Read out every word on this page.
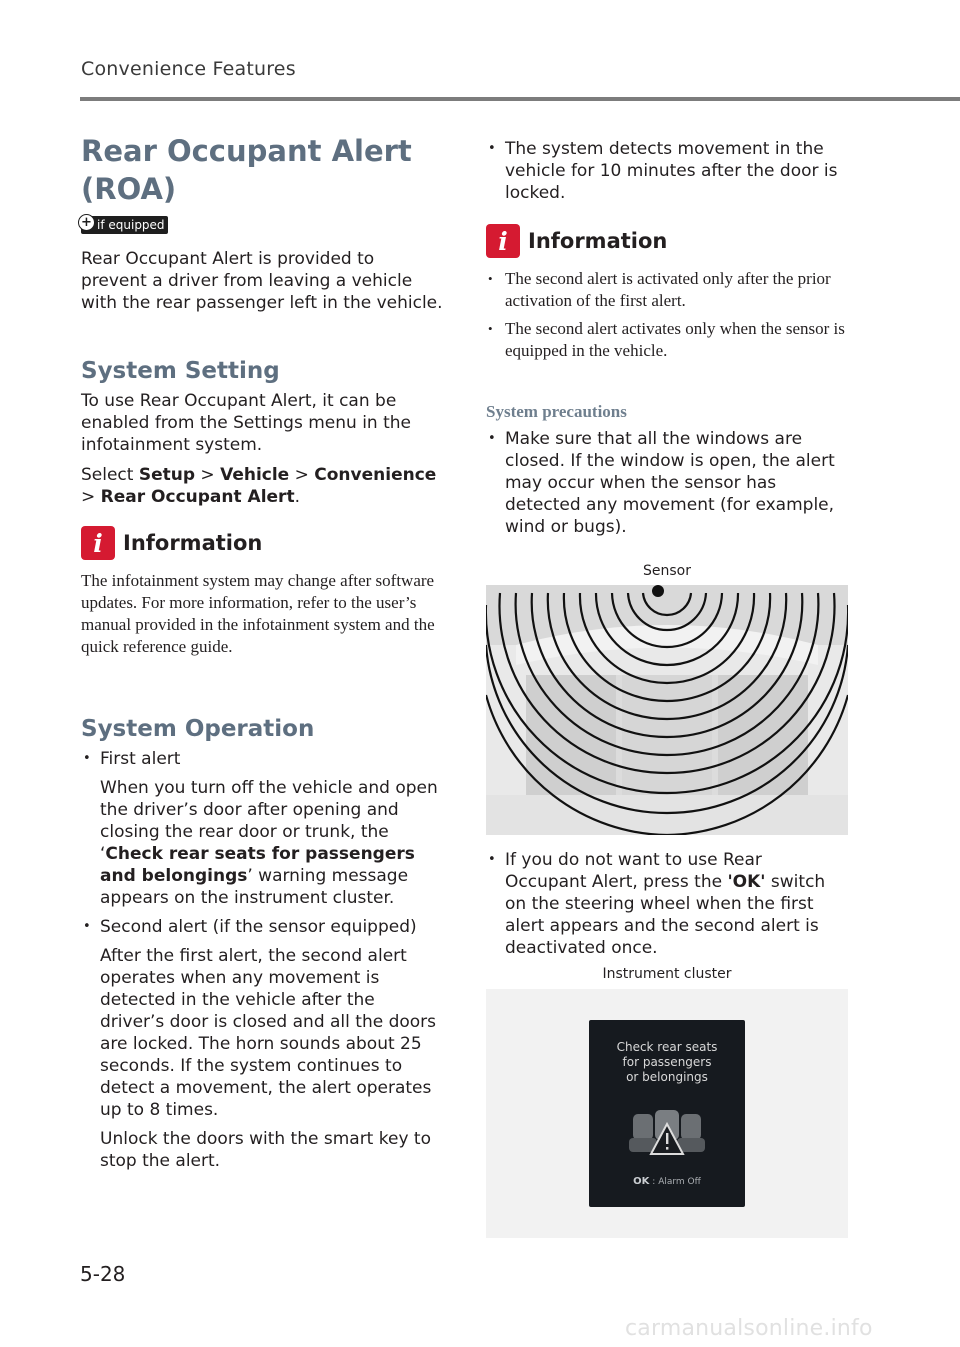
Convenience Features
Rear Occupant Alert
(ROA)
+ if equipped

Rear Occupant Alert is provided to prevent a driver from leaving a vehicle with the rear passenger left in the vehicle.

System Setting

To use Rear Occupant Alert, it can be enabled from the Settings menu in the infotainment system.

Select Setup > Vehicle > Convenience > Rear Occupant Alert.

i Information

The infotainment system may change after software updates. For more information, refer to the user’s manual provided in the infotainment system and the quick reference guide.

System Operation
• First alert
When you turn off the vehicle and open the driver’s door after opening and closing the rear door or trunk, the ‘Check rear seats for passengers and belongings’ warning message appears on the instrument cluster.
• Second alert (if the sensor equipped)
After the first alert, the second alert operates when any movement is detected in the vehicle after the driver’s door is closed and all the doors are locked. The horn sounds about 25 seconds. If the system continues to detect a movement, the alert operates up to 8 times.
Unlock the doors with the smart key to stop the alert.
• The system detects movement in the vehicle for 10 minutes after the door is locked.
i Information
• The second alert is activated only after the prior activation of the first alert.
• The second alert activates only when the sensor is equipped in the vehicle.
System precautions
• Make sure that all the windows are closed. If the window is open, the alert may occur when the sensor has detected any movement (for example, wind or bugs).
Sensor
• If you do not want to use Rear Occupant Alert, press the 'OK' switch on the steering wheel when the first alert appears and the second alert is deactivated once.
Instrument cluster
Check rear seats
for passengers
or belongings
OK : Alarm Off
5-28
carmanualsonline.info
